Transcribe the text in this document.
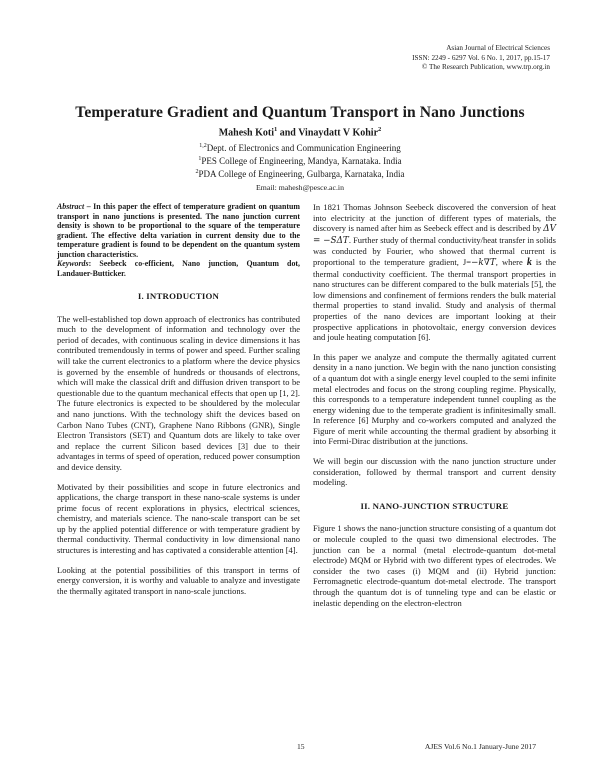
Asian Journal of Electrical Sciences
ISSN: 2249 - 6297 Vol. 6 No. 1, 2017, pp.15-17
© The Research Publication, www.trp.org.in
Temperature Gradient and Quantum Transport in Nano Junctions
Mahesh Koti$^1$ and Vinaydatt V Kohir$^2$
$^{1,2}$Dept. of Electronics and Communication Engineering
$^1$PES College of Engineering, Mandya, Karnataka. India
$^2$PDA College of Engineering, Gulbarga, Karnataka, India
Email: mahesh@pesce.ac.in

Abstract – In this paper the effect of temperature gradient on quantum transport in nano junctions is presented. The nano junction current density is shown to be proportional to the square of the temperature gradient. The effective delta variation in current density due to the temperature gradient is found to be dependent on the quantum system junction characteristics.

Keywords: Seebeck co-efficient, Nano junction, Quantum dot, Landauer-Butticker.

I. INTRODUCTION

The well-established top down approach of electronics has contributed much to the development of information and technology over the period of decades, with continuous scaling in device dimensions it has contributed tremendously in terms of power and speed. Further scaling will take the current electronics to a platform where the device physics is governed by the ensemble of hundreds or thousands of electrons, which will make the classical drift and diffusion driven transport to be questionable due to the quantum mechanical effects that open up [1, 2]. The future electronics is expected to be shouldered by the molecular and nano junctions. With the technology shift the devices based on Carbon Nano Tubes (CNT), Graphene Nano Ribbons (GNR), Single Electron Transistors (SET) and Quantum dots are likely to take over and replace the current Silicon based devices [3] due to their advantages in terms of speed of operation, reduced power consumption and device density.

Motivated by their possibilities and scope in future electronics and applications, the charge transport in these nano-scale systems is under prime focus of recent explorations in physics, electrical sciences, chemistry, and materials science. The nano-scale transport can be set up by the applied potential difference or with temperature gradient by thermal conductivity. Thermal conductivity in low dimensional nano structures is interesting and has captivated a considerable attention [4].

Looking at the potential possibilities of this transport in terms of energy conversion, it is worthy and valuable to analyze and investigate the thermally agitated transport in nano-scale junctions.

In 1821 Thomas Johnson Seebeck discovered the conversion of heat into electricity at the junction of different types of materials, the discovery is named after him as Seebeck effect and is described by ΔV = −SΔT. Further study of thermal conductivity/heat transfer in solids was conducted by Fourier, who showed that thermal current is proportional to the temperature gradient, J=−k∇T, where k is the thermal conductivity coefficient. The thermal transport properties in nano structures can be different compared to the bulk materials [5], the low dimensions and confinement of fermions renders the bulk material thermal properties to stand invalid. Study and analysis of thermal properties of the nano devices are important looking at their prospective applications in photovoltaic, energy conversion devices and joule heating computation [6].

In this paper we analyze and compute the thermally agitated current density in a nano junction. We begin with the nano junction consisting of a quantum dot with a single energy level coupled to the semi infinite metal electrodes and focus on the strong coupling regime. Physically, this corresponds to a temperature independent tunnel coupling as the energy widening due to the temperate gradient is infinitesimally small. In reference [6] Murphy and co-workers computed and analyzed the Figure of merit while accounting the thermal gradient by absorbing it into Fermi-Dirac distribution at the junctions.

We will begin our discussion with the nano junction structure under consideration, followed by thermal transport and current density modeling.

II. NANO-JUNCTION STRUCTURE

Figure 1 shows the nano-junction structure consisting of a quantum dot or molecule coupled to the quasi two dimensional electrodes. The junction can be a normal (metal electrode-quantum dot-metal electrode) MQM or Hybrid with two different types of electrodes. We consider the two cases (i) MQM and (ii) Hybrid junction: Ferromagnetic electrode-quantum dot-metal electrode. The transport through the quantum dot is of tunneling type and can be elastic or inelastic depending on the electron-electron

15	AJES Vol.6 No.1 January-June 2017
